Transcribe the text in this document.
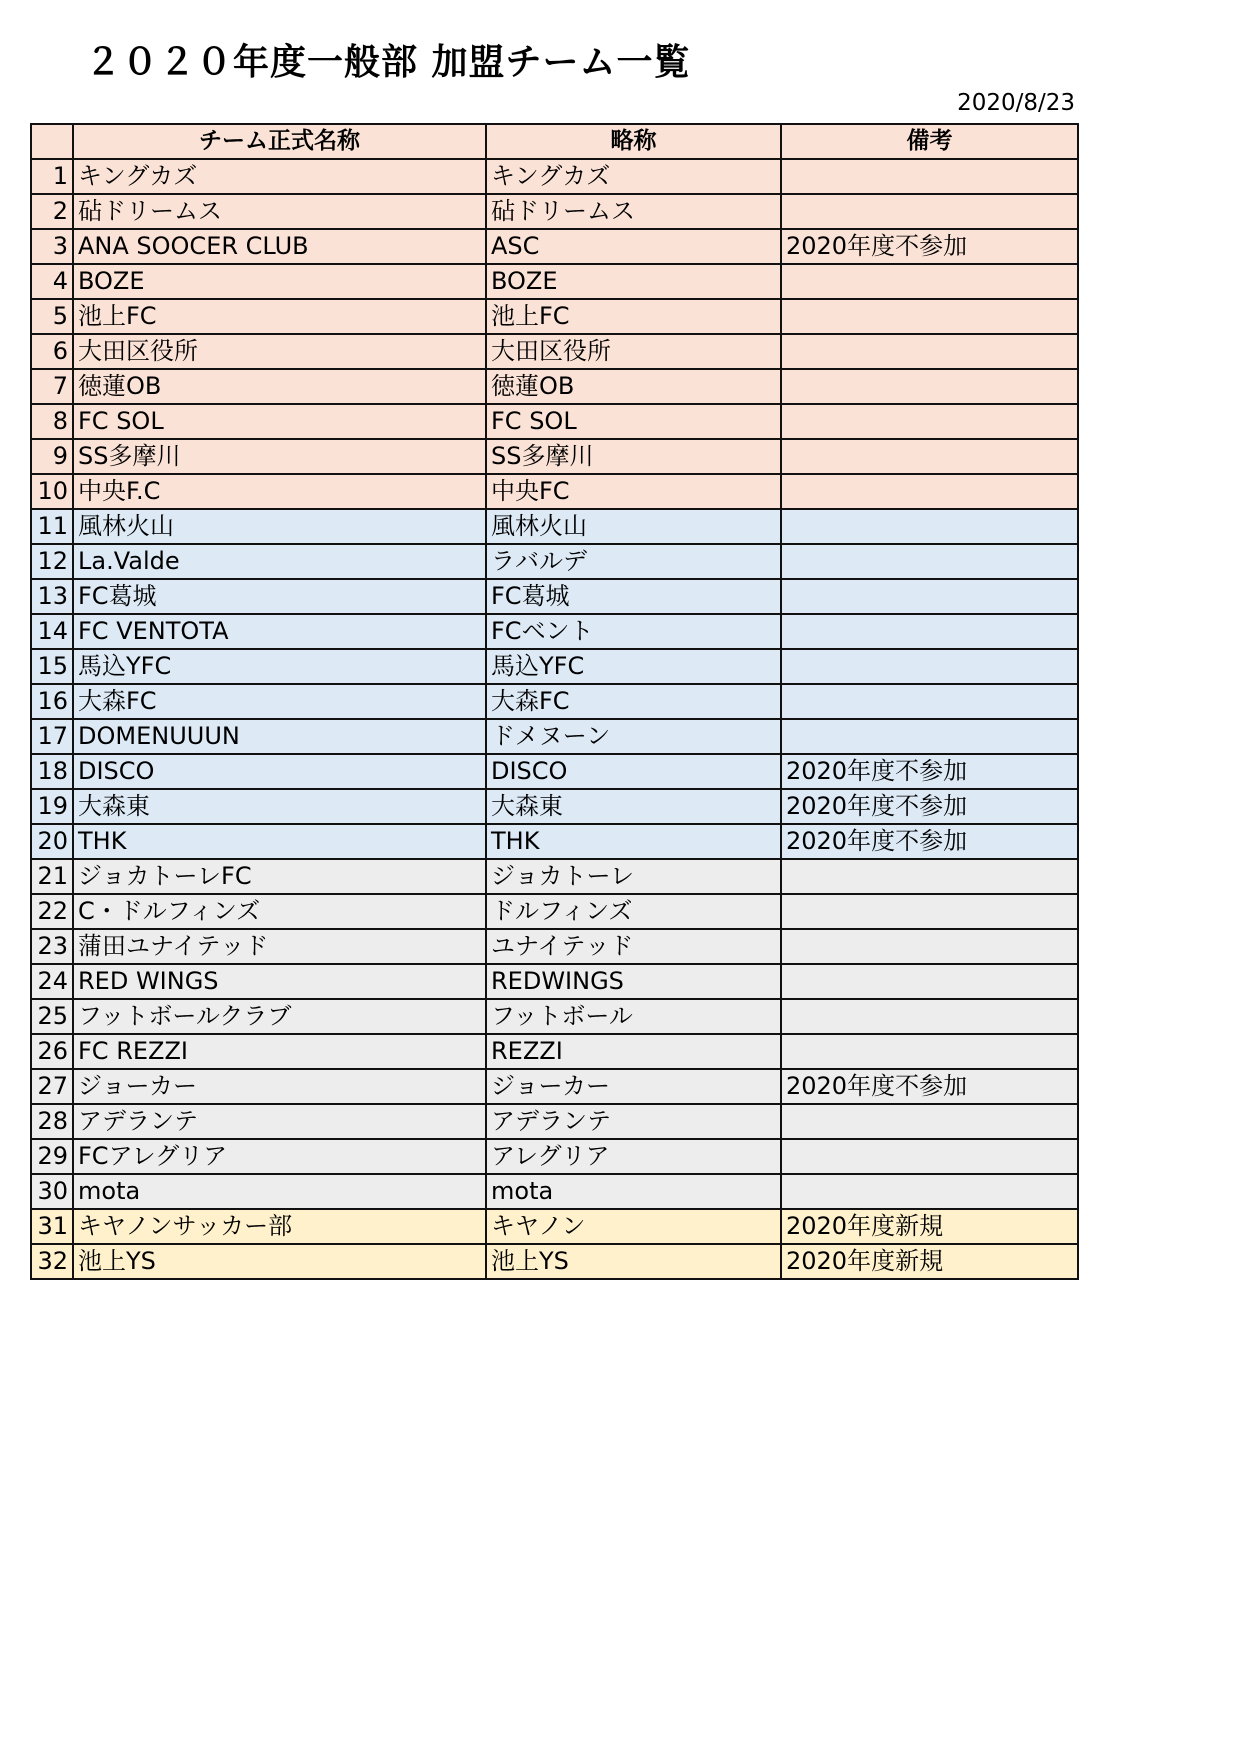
２０２０年度一般部 加盟チーム一覧
2020/8/23
	チーム正式名称	略称	備考
1	キングカズ	キングカズ	
2	砧ドリームス	砧ドリームス	
3	ANA SOOCER CLUB	ASC	2020年度不参加
4	BOZE	BOZE	
5	池上FC	池上FC	
6	大田区役所	大田区役所	
7	徳蓮OB	徳蓮OB	
8	FC SOL	FC SOL	
9	SS多摩川	SS多摩川	
10	中央F.C	中央FC	
11	風林火山	風林火山	
12	La.Valde	ラバルデ	
13	FC葛城	FC葛城	
14	FC VENTOTA	FCベント	
15	馬込YFC	馬込YFC	
16	大森FC	大森FC	
17	DOMENUUUN	ドメヌーン	
18	DISCO	DISCO	2020年度不参加
19	大森東	大森東	2020年度不参加
20	THK	THK	2020年度不参加
21	ジョカトーレFC	ジョカトーレ	
22	C・ドルフィンズ	ドルフィンズ	
23	蒲田ユナイテッド	ユナイテッド	
24	RED WINGS	REDWINGS	
25	フットボールクラブ	フットボール	
26	FC REZZI	REZZI	
27	ジョーカー	ジョーカー	2020年度不参加
28	アデランテ	アデランテ	
29	FCアレグリア	アレグリア	
30	mota	mota	
31	キヤノンサッカー部	キヤノン	2020年度新規
32	池上YS	池上YS	2020年度新規
